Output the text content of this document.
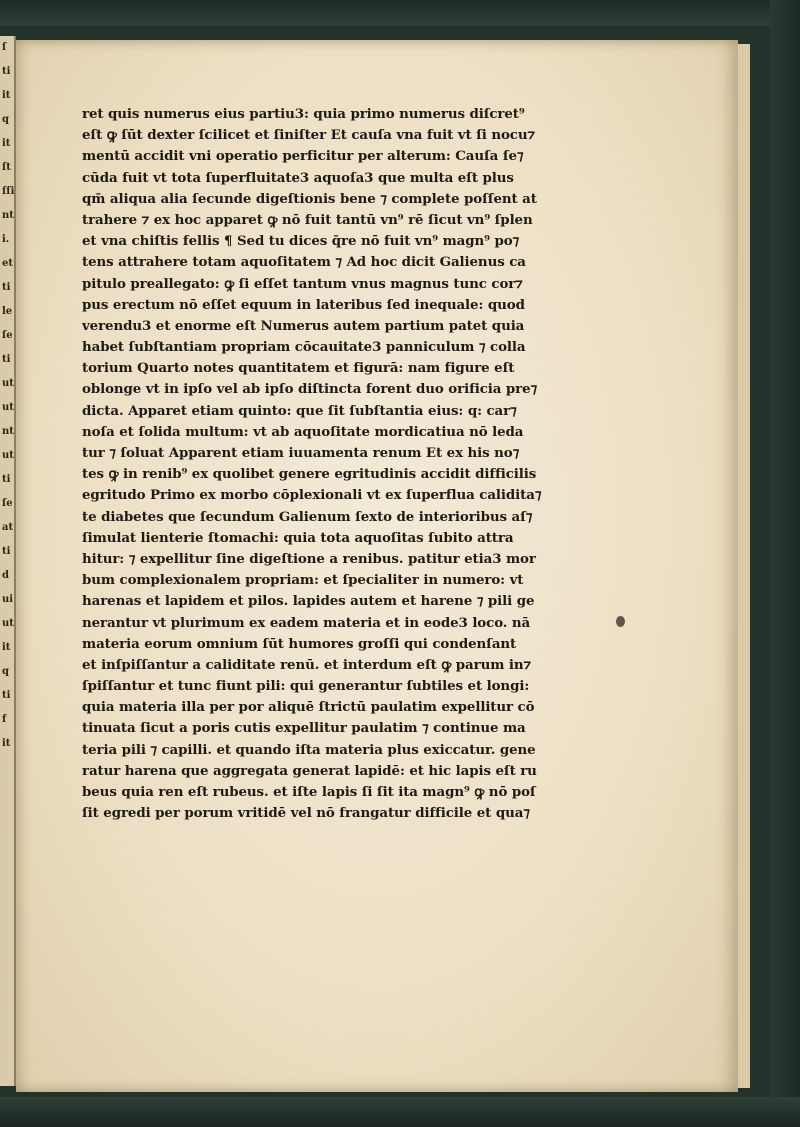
ſ
ti
it
q
it
ſt
ſſi
nt
i.
et
ti
le
ſe
ti
ut
ut
nt
ut
ti
ſe
at
ti
d
ui
ut
it
q
ti
f
it
ret quis numerus eius partiu3: quia primo numerus diſcret⁹
eſt ꝙ ſūt dexter ſcilicet et ſiniſter Et cauſa vna fuit vt ſi nocu⁊
mentū accidit vni operatio perficitur per alterum: Cauſa ſe⁊
cūda fuit vt tota ſuperfluitate3 aquoſa3 que multa eſt plus
qm̄ aliqua alia ſecunde digeſtionis bene ⁊ complete poſſent at
trahere ⁊ ex hoc apparet ꝙ nō fuit tantū vn⁹ rē ſicut vn⁹ ſplen
et vna chiſtis fellis ¶ Sed tu dices q̄re nō fuit vn⁹ magn⁹ po⁊
tens attrahere totam aquoſitatem ⁊ Ad hoc dicit Galienus ca
pitulo preallegato: ꝙ ſi eſſet tantum vnus magnus tunc cor⁊
pus erectum nō eſſet equum in lateribus ſed inequale: quod
verendu3 et enorme eſt Numerus autem partium patet quia
habet ſubſtantiam propriam cōcauitate3 panniculum ⁊ colla
torium Quarto notes quantitatem et figurā: nam figure eſt
oblonge vt in ipſo vel ab ipſo diſtincta forent duo orificia pre⁊
dicta. Apparet etiam quinto: que ſit ſubſtantia eius: q: car⁊
noſa et ſolida multum: vt ab aquoſitate mordicatiua nō leda
tur ⁊ ſoluat Apparent etiam iuuamenta renum Et ex his no⁊
tes ꝙ in renib⁹ ex quolibet genere egritudinis accidit difficilis
egritudo Primo ex morbo cōplexionali vt ex ſuperflua calidita⁊
te diabetes que ſecundum Galienum ſexto de interioribus aſ⁊
ſimulat lienterie ſtomachi: quia tota aquoſitas ſubito attra
hitur: ⁊ expellitur ſine digeſtione a renibus. patitur etia3 mor
bum complexionalem propriam: et ſpecialiter in numero: vt
harenas et lapidem et pilos. lapides autem et harene ⁊ pili ge
nerantur vt plurimum ex eadem materia et in eode3 loco. nā
materia eorum omnium ſūt humores groſſi qui condenſant
et inſpiſſantur a caliditate renū. et interdum eſt ꝙ parum in⁊
ſpiſſantur et tunc fiunt pili: qui generantur ſubtiles et longi:
quia materia illa per por aliquē ſtrictū paulatim expellitur cō
tinuata ſicut a poris cutis expellitur paulatim ⁊ continue ma
teria pili ⁊ capilli. et quando iſta materia plus exiccatur. gene
ratur harena que aggregata generat lapidē: et hic lapis eſt ru
beus quia ren eſt rubeus. et iſte lapis ſi ſit ita magn⁹ ꝙ nō poſ
ſit egredi per porum vritidē vel nō frangatur difficile et qua⁊
